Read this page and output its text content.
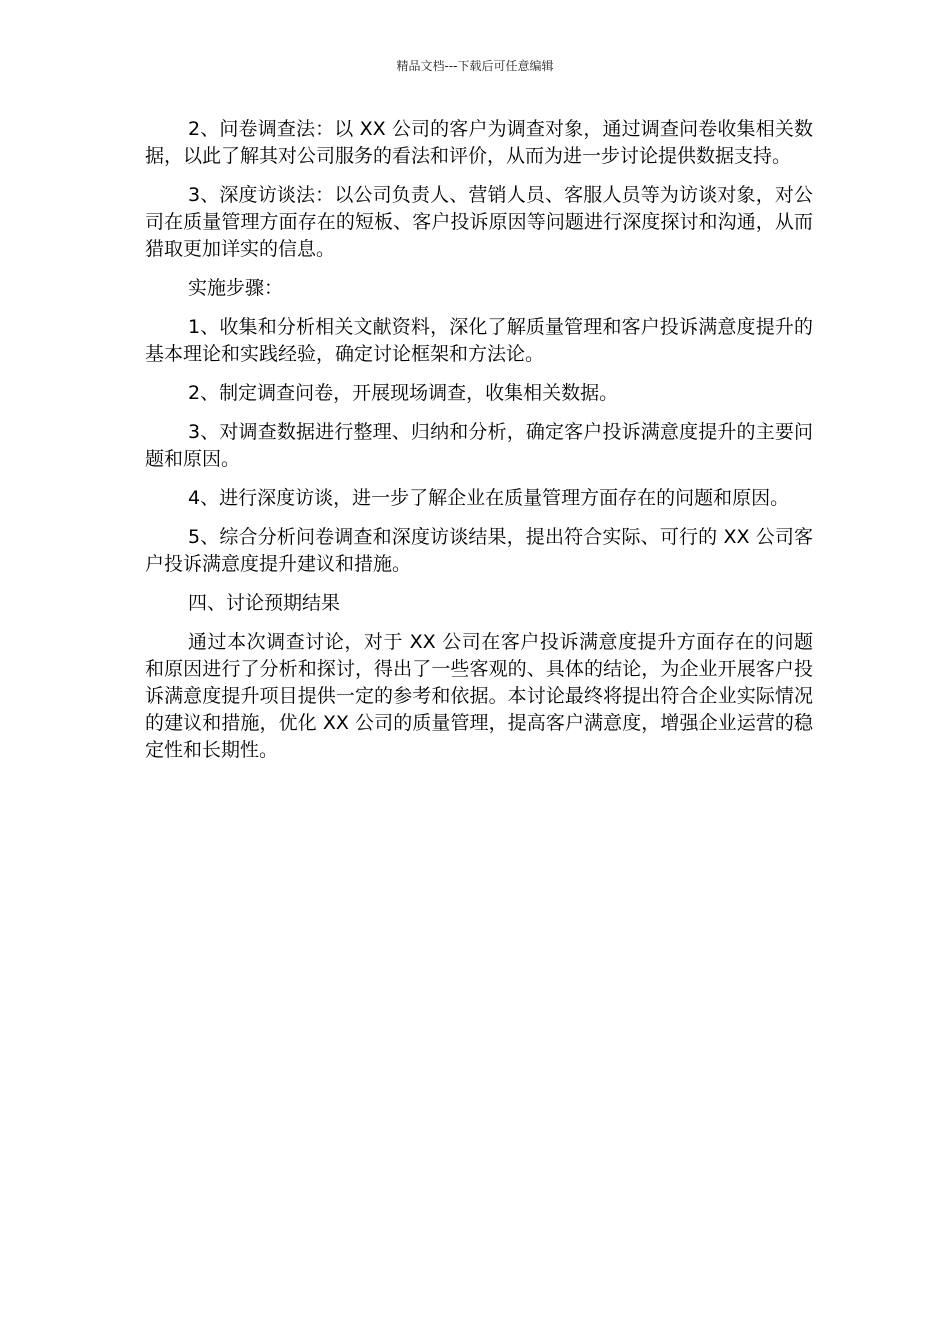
精品文档---下载后可任意编辑

2、问卷调查法：以 XX 公司的客户为调查对象，通过调查问卷收集相关数据，以此了解其对公司服务的看法和评价，从而为进一步讨论提供数据支持。

3、深度访谈法：以公司负责人、营销人员、客服人员等为访谈对象，对公司在质量管理方面存在的短板、客户投诉原因等问题进行深度探讨和沟通，从而猎取更加详实的信息。

实施步骤：

1、收集和分析相关文献资料，深化了解质量管理和客户投诉满意度提升的基本理论和实践经验，确定讨论框架和方法论。

2、制定调查问卷，开展现场调查，收集相关数据。

3、对调查数据进行整理、归纳和分析，确定客户投诉满意度提升的主要问题和原因。

4、进行深度访谈，进一步了解企业在质量管理方面存在的问题和原因。

5、综合分析问卷调查和深度访谈结果，提出符合实际、可行的 XX 公司客户投诉满意度提升建议和措施。

四、讨论预期结果

通过本次调查讨论，对于 XX 公司在客户投诉满意度提升方面存在的问题和原因进行了分析和探讨，得出了一些客观的、具体的结论，为企业开展客户投诉满意度提升项目提供一定的参考和依据。本讨论最终将提出符合企业实际情况的建议和措施，优化 XX 公司的质量管理，提高客户满意度，增强企业运营的稳定性和长期性。
